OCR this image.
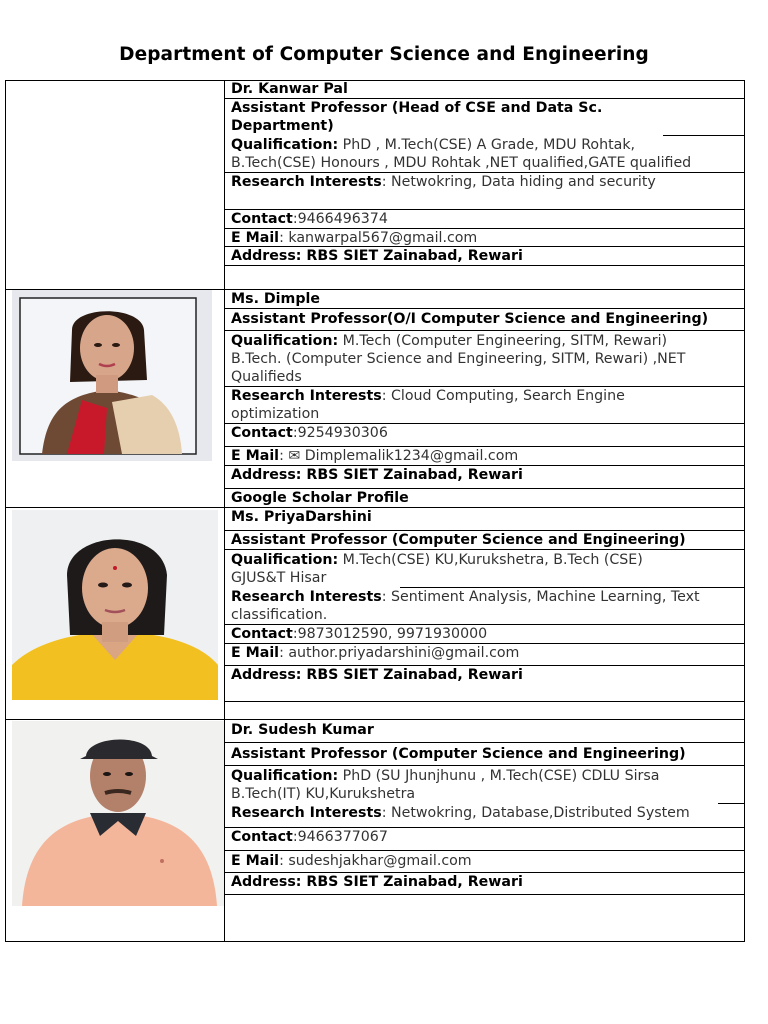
Department of Computer Science and Engineering
Dr. Kanwar Pal
Assistant Professor (Head of CSE and Data Sc.
Department)
Qualification: PhD , M.Tech(CSE) A Grade, MDU Rohtak,
B.Tech(CSE) Honours , MDU Rohtak ,NET qualified,GATE qualified
Research Interests: Netwokring, Data hiding and security
Contact:9466496374
E Mail: kanwarpal567@gmail.com
Address: RBS SIET Zainabad, Rewari
Ms. Dimple
Assistant Professor(O/I Computer Science and Engineering)
Qualification: M.Tech (Computer Engineering, SITM, Rewari)
B.Tech. (Computer Science and Engineering, SITM, Rewari) ,NET
Qualifieds
Research Interests: Cloud Computing, Search Engine
optimization
Contact:9254930306
E Mail: ✉ Dimplemalik1234@gmail.com
Address: RBS SIET Zainabad, Rewari
Google Scholar Profile
Ms. PriyaDarshini
Assistant Professor (Computer Science and Engineering)
Qualification: M.Tech(CSE) KU,Kurukshetra, B.Tech (CSE)
GJUS&T Hisar
Research Interests: Sentiment Analysis, Machine Learning, Text
classification.
Contact:9873012590, 9971930000
E Mail: author.priyadarshini@gmail.com
Address: RBS SIET Zainabad, Rewari
Dr. Sudesh Kumar
Assistant Professor (Computer Science and Engineering)
Qualification: PhD (SU Jhunjhunu , M.Tech(CSE) CDLU Sirsa
B.Tech(IT) KU,Kurukshetra
Research Interests: Netwokring, Database,Distributed System
Contact:9466377067
E Mail: sudeshjakhar@gmail.com
Address: RBS SIET Zainabad, Rewari
